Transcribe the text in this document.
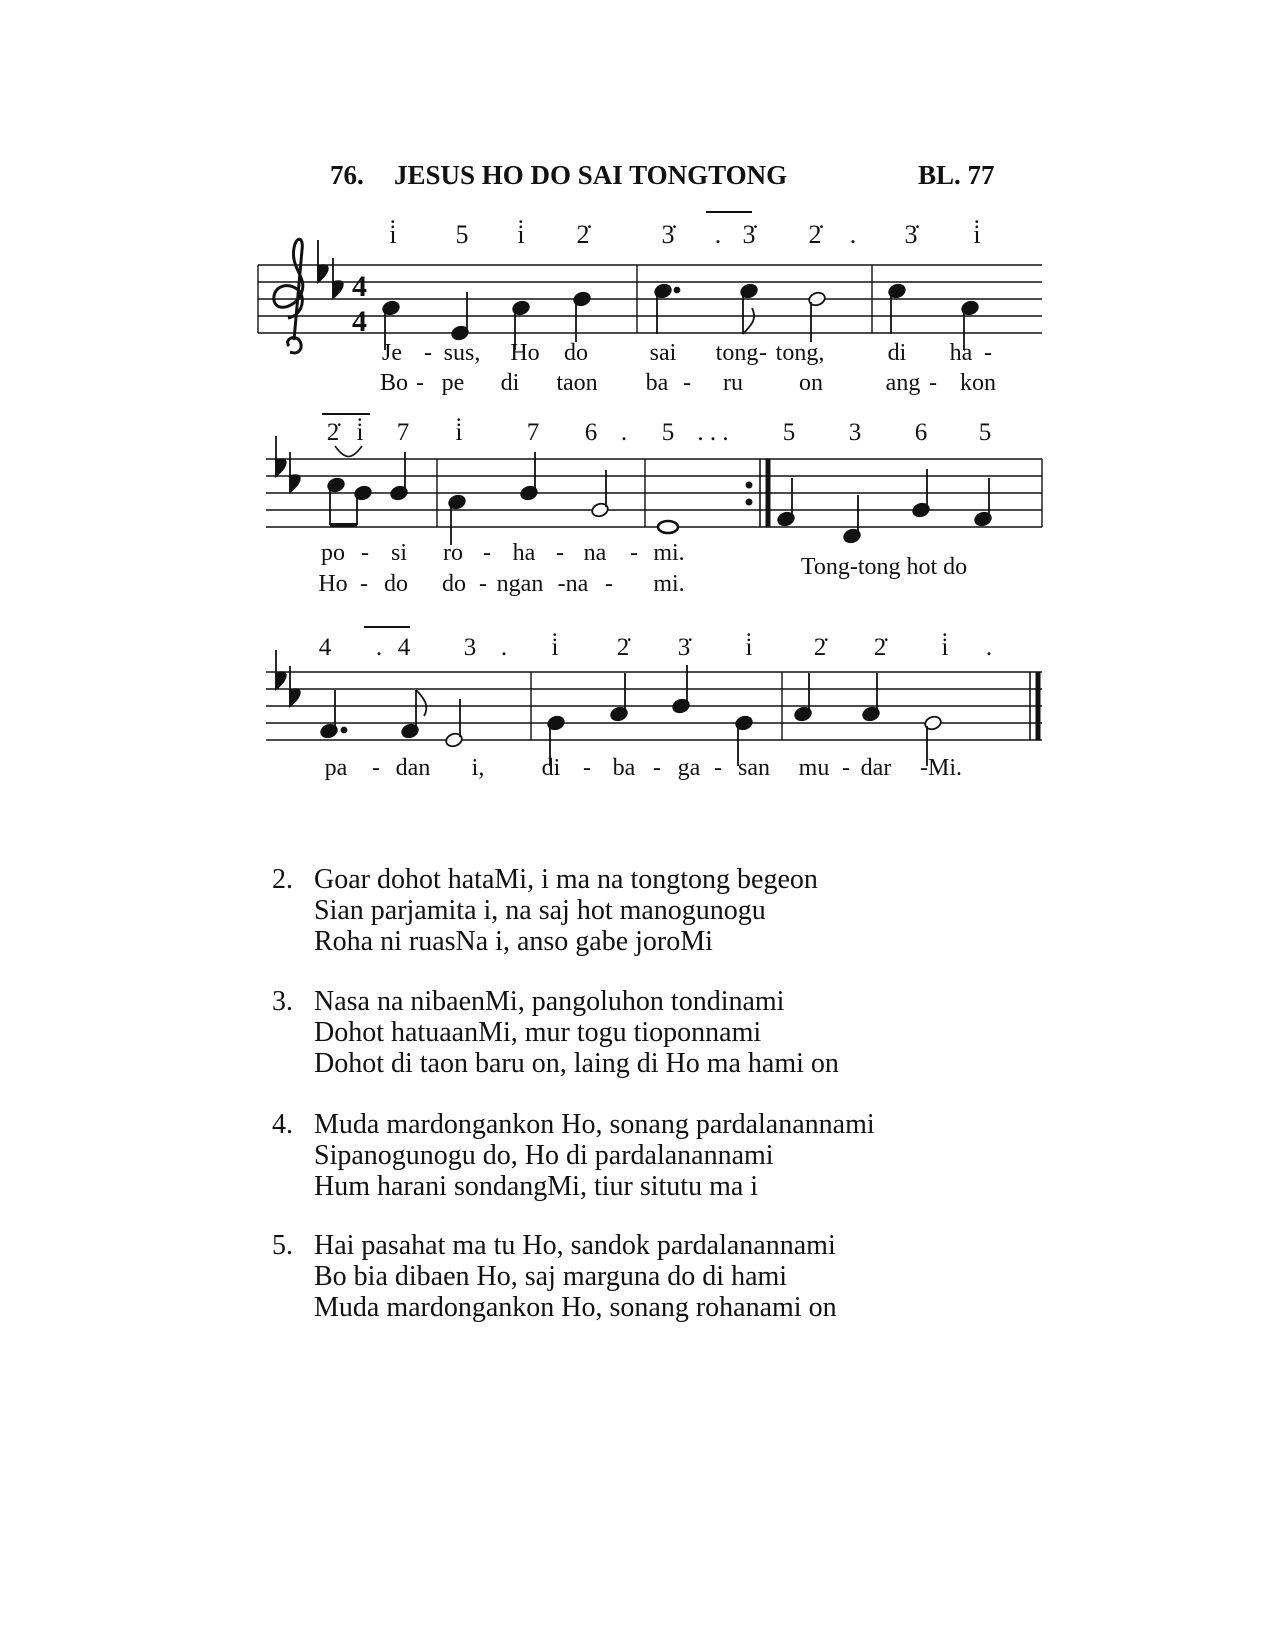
76. JESUS HO DO SAI TONGTONG	BL. 77
4
4
i̇ 5 i̇ 2̇	3̇ . 3̇ 2̇ . 3̇ i̇
Je - sus, Ho do	sai tong - tong,	di ha -
Bo - pe di taon ba - ru on	ang - kon
2̇ i̇ 7 i̇	7 6 . 5 . . . 5 3 6 5
po - si ro - ha - na - mi.
Ho - do do - ngan -na - mi.
Tong-tong hot do
4 . 4 3 . i̇ 2̇ 3̇ i̇ 2̇ 2̇ i̇ .
pa - dan i, di - ba - ga - san mu - dar -Mi.
2. Goar dohot hataMi, i ma na tongtong begeon
Sian parjamita i, na saj hot manogunogu
Roha ni ruasNa i, anso gabe joroMi
3. Nasa na nibaenMi, pangoluhon tondinami
Dohot hatuaanMi, mur togu tioponnami
Dohot di taon baru on, laing di Ho ma hami on
4. Muda mardongankon Ho, sonang pardalanannami
Sipanogunogu do, Ho di pardalanannami
Hum harani sondangMi, tiur situtu ma i
5. Hai pasahat ma tu Ho, sandok pardalanannami
Bo bia dibaen Ho, saj marguna do di hami
Muda mardongankon Ho, sonang rohanami on
